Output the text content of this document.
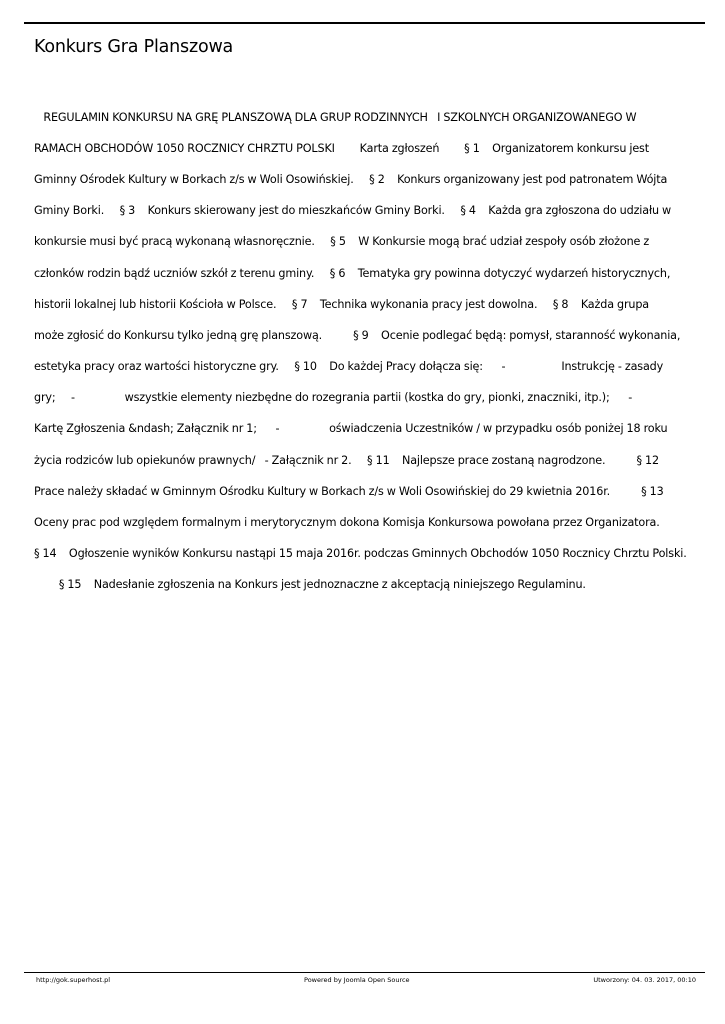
Konkurs Gra Planszowa

REGULAMIN KONKURSU NA GRĘ PLANSZOWĄ DLA GRUP RODZINNYCH   I SZKOLNYCH ORGANIZOWANEGO W

RAMACH OBCHODÓW 1050 ROCZNICY CHRZTU POLSKI        Karta zgłoszeń        § 1    Organizatorem konkursu jest

Gminny Ośrodek Kultury w Borkach z/s w Woli Osowińskiej.     § 2    Konkurs organizowany jest pod patronatem Wójta

Gminy Borki.     § 3    Konkurs skierowany jest do mieszkańców Gminy Borki.     § 4    Każda gra zgłoszona do udziału w

konkursie musi być pracą wykonaną własnoręcznie.     § 5    W Konkursie mogą brać udział zespoły osób złożone z

członków rodzin bądź uczniów szkół z terenu gminy.     § 6    Tematyka gry powinna dotyczyć wydarzeń historycznych,

historii lokalnej lub historii Kościoła w Polsce.     § 7    Technika wykonania pracy jest dowolna.     § 8    Każda grupa

może zgłosić do Konkursu tylko jedną grę planszową.          § 9    Ocenie podlegać będą: pomysł, staranność wykonania,

estetyka pracy oraz wartości historyczne gry.     § 10    Do każdej Pracy dołącza się:      -                  Instrukcję - zasady

gry;     -                wszystkie elementy niezbędne do rozegrania partii (kostka do gry, pionki, znaczniki, itp.);      -

Kartę Zgłoszenia &ndash; Załącznik nr 1;      -                oświadczenia Uczestników / w przypadku osób poniżej 18 roku

życia rodziców lub opiekunów prawnych/   - Załącznik nr 2.     § 11    Najlepsze prace zostaną nagrodzone.          § 12

Prace należy składać w Gminnym Ośrodku Kultury w Borkach z/s w Woli Osowińskiej do 29 kwietnia 2016r.          § 13

Oceny prac pod względem formalnym i merytorycznym dokona Komisja Konkursowa powołana przez Organizatora.

§ 14    Ogłoszenie wyników Konkursu nastąpi 15 maja 2016r. podczas Gminnych Obchodów 1050 Rocznicy Chrztu Polski.

§ 15    Nadesłanie zgłoszenia na Konkurs jest jednoznaczne z akceptacją niniejszego Regulaminu.

http://gok.superhost.pl	Powered by Joomla Open Source	Utworzony: 04. 03. 2017, 00:10
